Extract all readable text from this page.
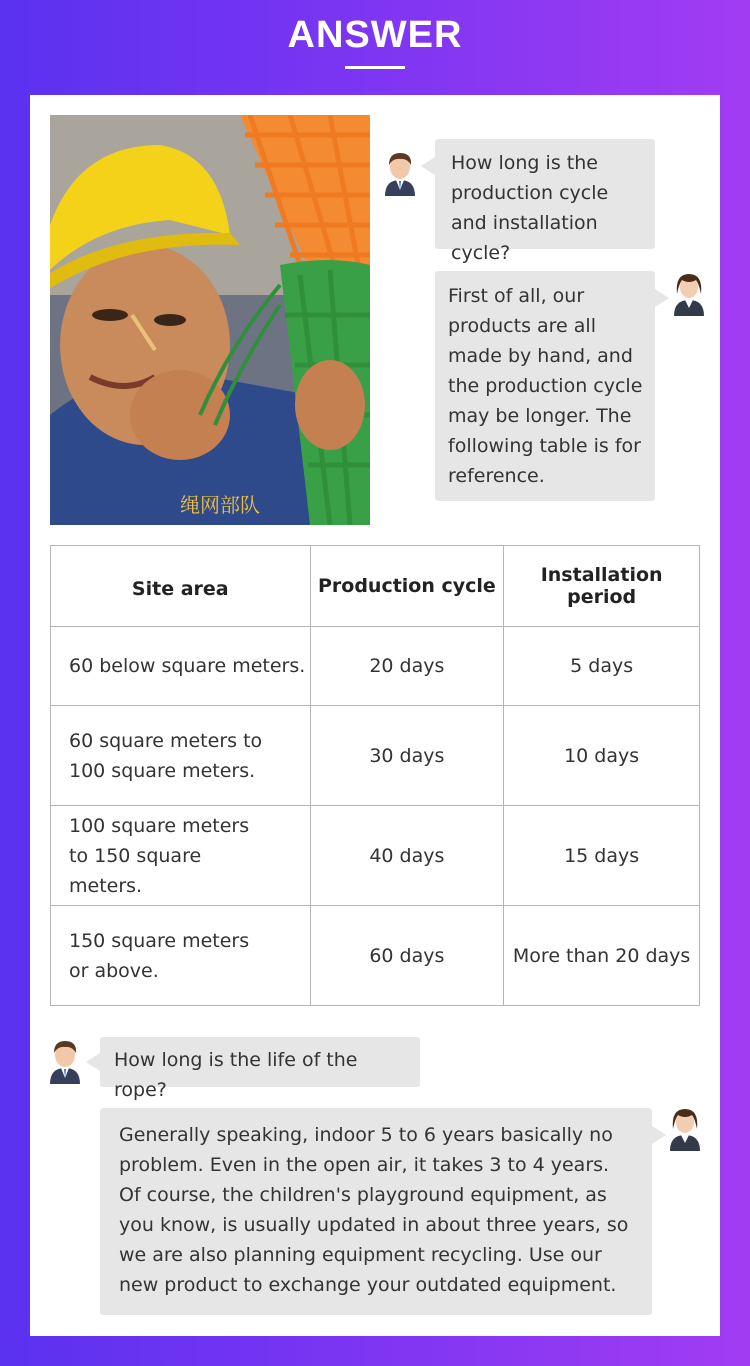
ANSWER
绳网部队
How long is the production cycle and installation cycle?
First of all, our products are all made by hand, and the production cycle may be longer. The following table is for reference.
Site area	Production cycle	Installation period
60 below square meters.	20 days	5 days
60 square meters to 100 square meters.	30 days	10 days
100 square meters to 150 square meters.	40 days	15 days
150 square meters or above.	60 days	More than 20 days
How long is the life of the rope?
Generally speaking, indoor 5 to 6 years basically no problem. Even in the open air, it takes 3 to 4 years.
Of course, the children's playground equipment, as you know, is usually updated in about three years, so we are also planning equipment recycling. Use our new product to exchange your outdated equipment.
